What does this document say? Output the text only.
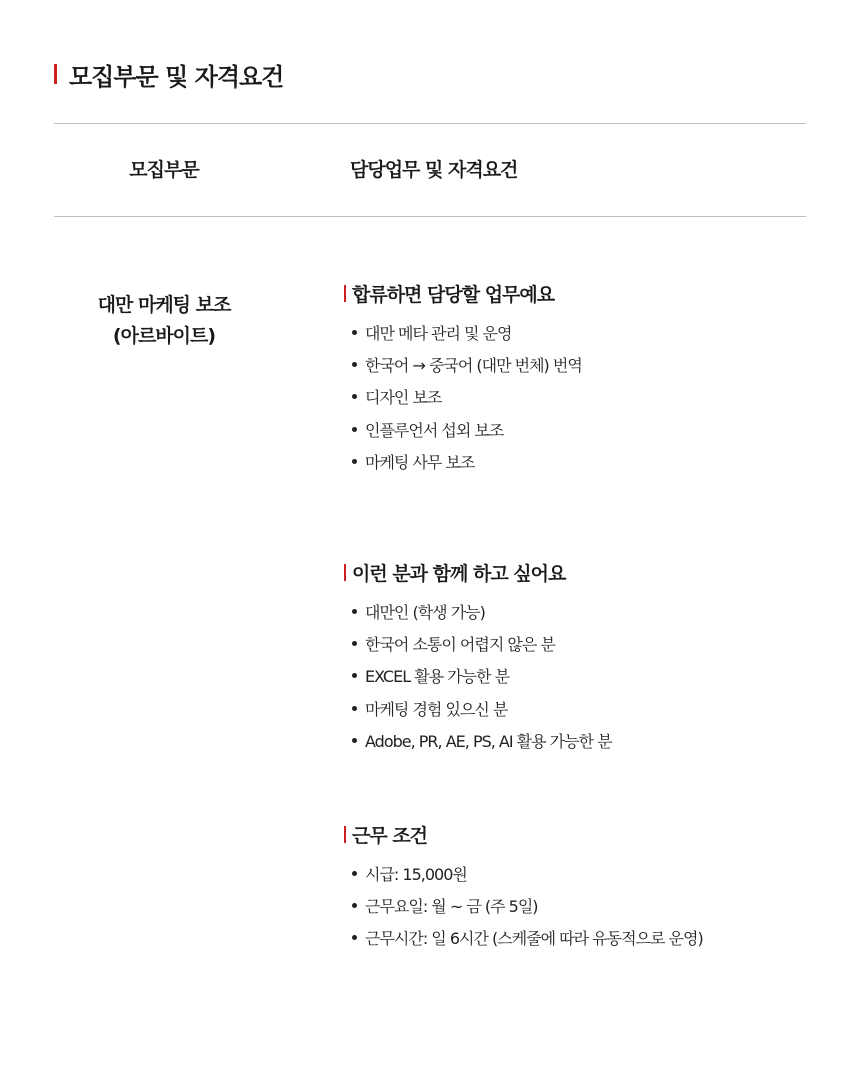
모집부문 및 자격요건
모집부문	담당업무 및 자격요건
대만 마케팅 보조
(아르바이트)
합류하면 담당할 업무예요
대만 메타 관리 및 운영
한국어 → 중국어 (대만 번체) 번역
디자인 보조
인플루언서 섭외 보조
마케팅 사무 보조
이런 분과 함께 하고 싶어요
대만인 (학생 가능)
한국어 소통이 어렵지 않은 분
EXCEL 활용 가능한 분
마케팅 경험 있으신 분
Adobe, PR, AE, PS, AI 활용 가능한 분
근무 조건
시급: 15,000원
근무요일: 월 ~ 금 (주 5일)
근무시간: 일 6시간 (스케줄에 따라 유동적으로 운영)
